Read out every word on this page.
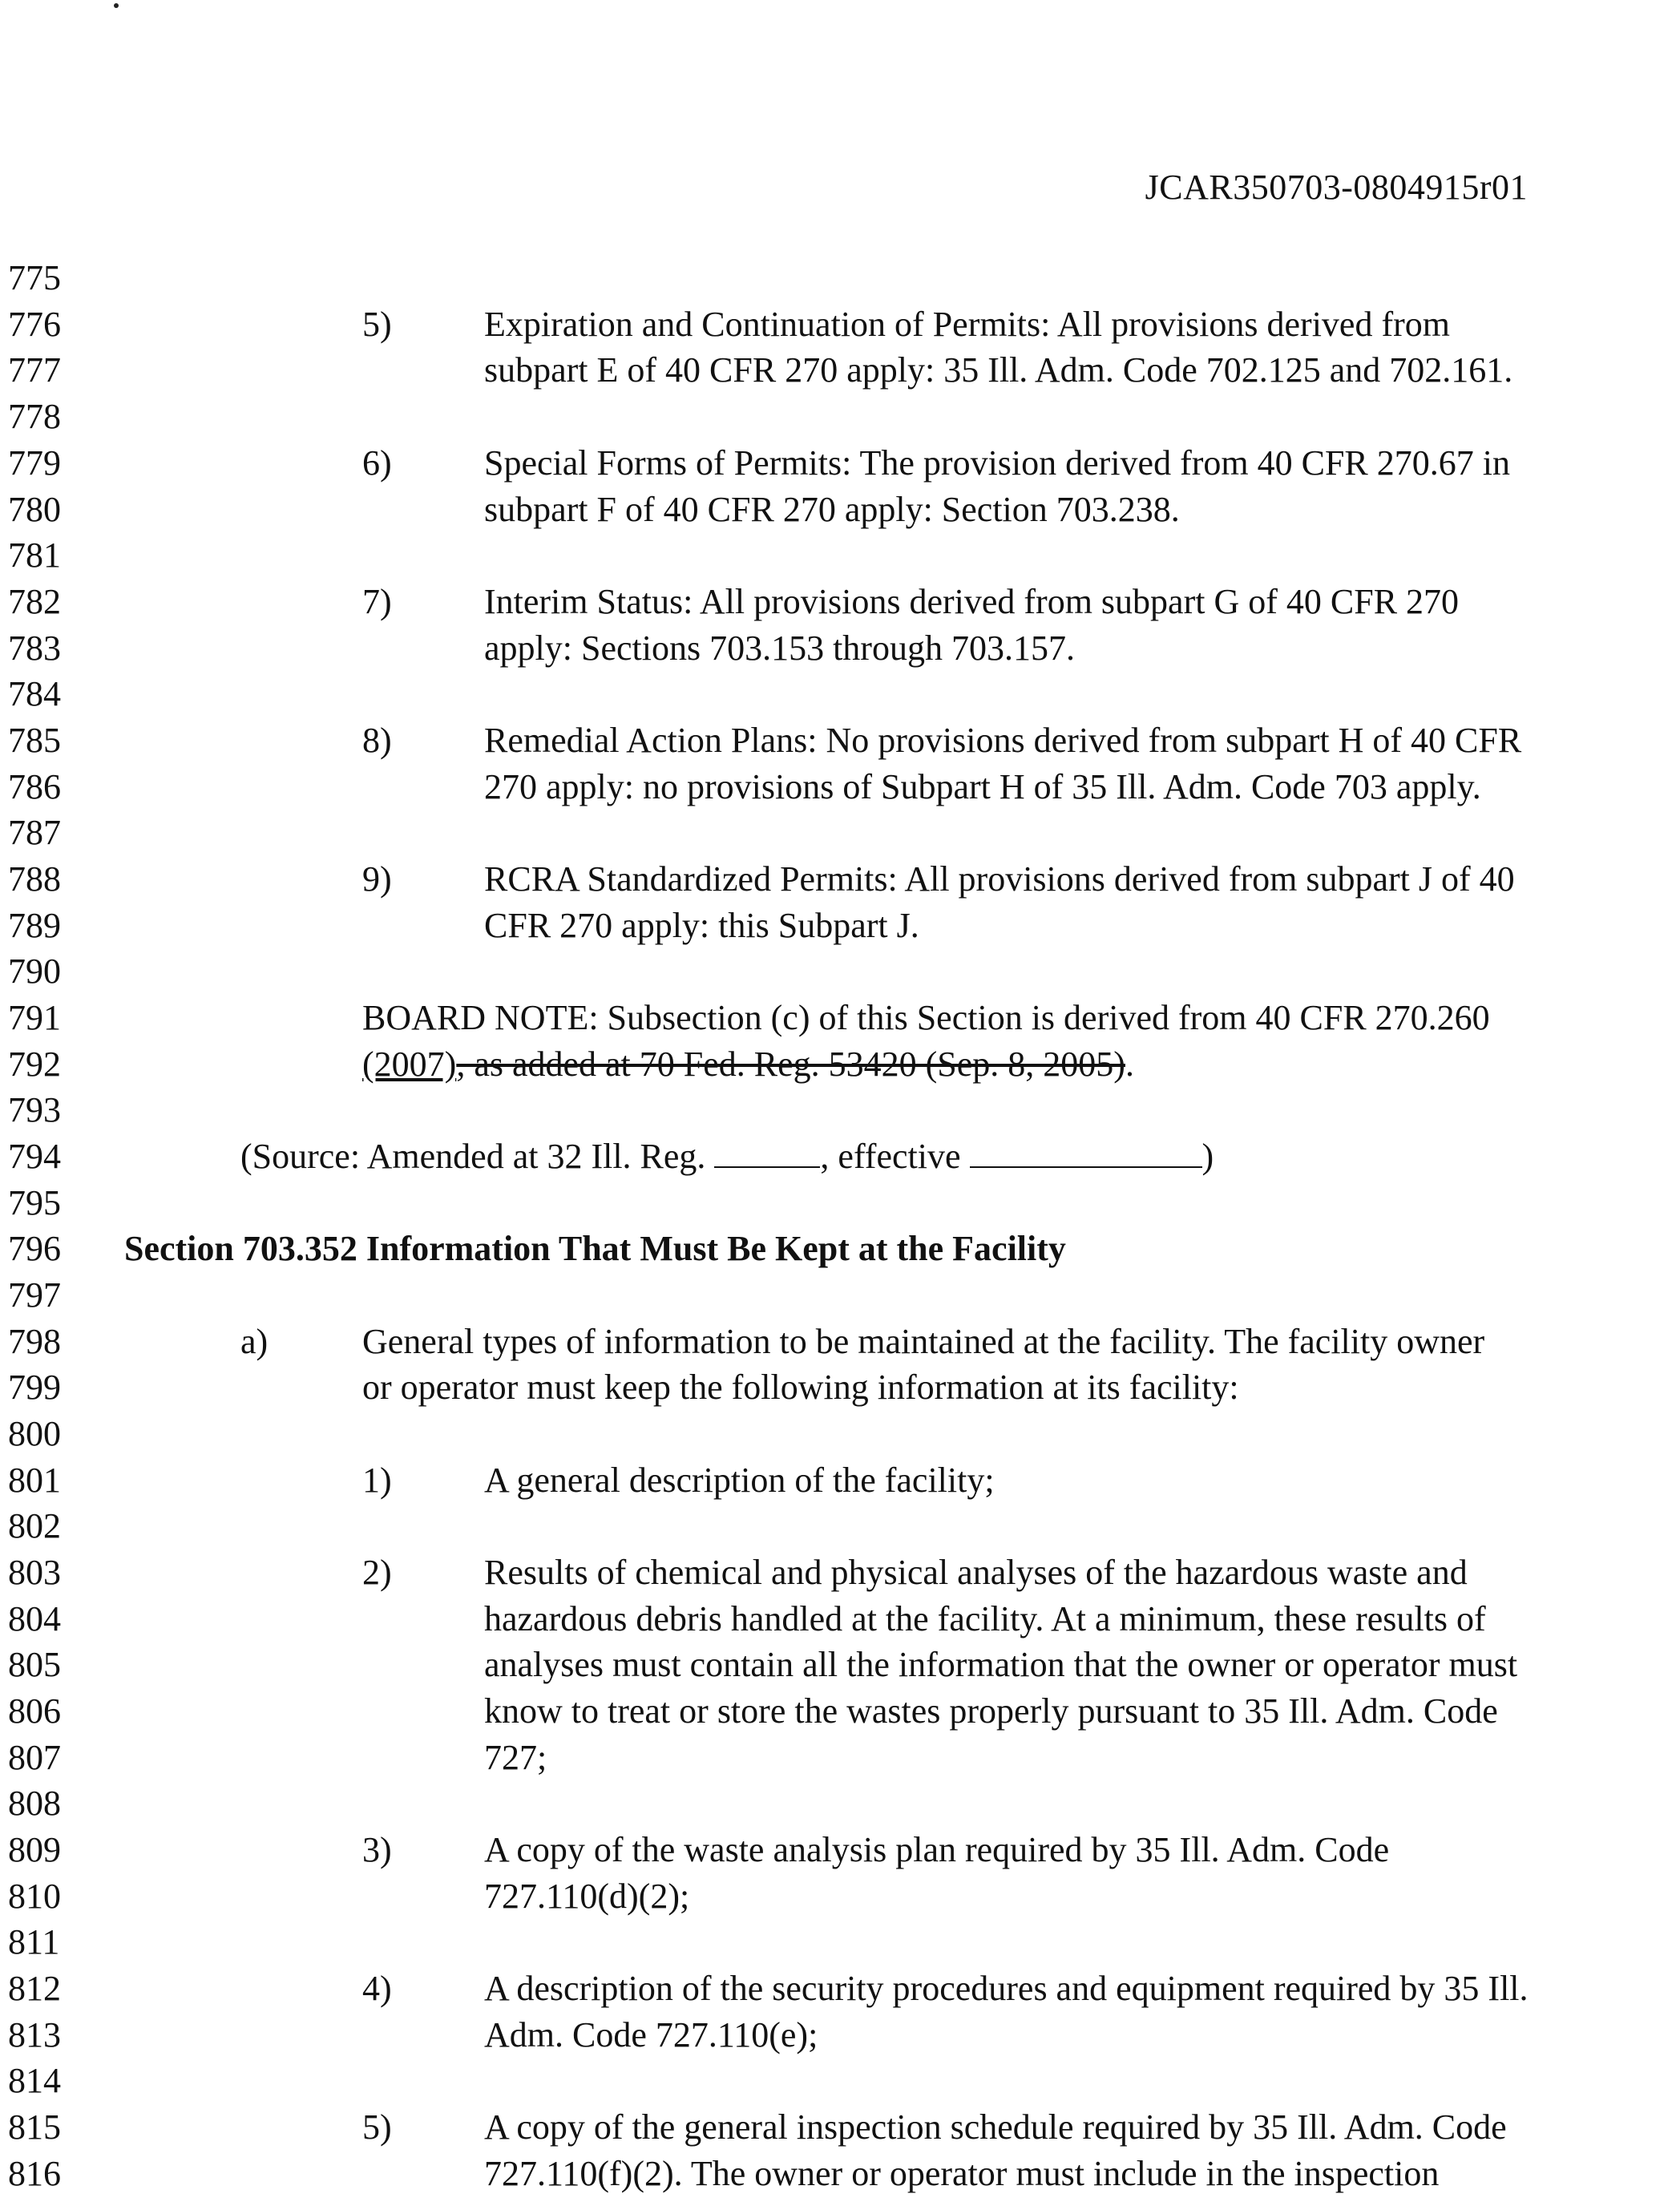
JCAR350703-0804915r01
775
776	5)	Expiration and Continuation of Permits: All provisions derived from
777	subpart E of 40 CFR 270 apply: 35 Ill. Adm. Code 702.125 and 702.161.
778
779	6)	Special Forms of Permits: The provision derived from 40 CFR 270.67 in
780	subpart F of 40 CFR 270 apply: Section 703.238.
781
782	7)	Interim Status: All provisions derived from subpart G of 40 CFR 270
783	apply: Sections 703.153 through 703.157.
784
785	8)	Remedial Action Plans: No provisions derived from subpart H of 40 CFR
786	270 apply: no provisions of Subpart H of 35 Ill. Adm. Code 703 apply.
787
788	9)	RCRA Standardized Permits: All provisions derived from subpart J of 40
789	CFR 270 apply: this Subpart J.
790
791	BOARD NOTE: Subsection (c) of this Section is derived from 40 CFR 270.260
792	(2007), as added at 70 Fed. Reg. 53420 (Sep. 8, 2005).
793
794	(Source: Amended at 32 Ill. Reg.	, effective	)
795
796	Section 703.352 Information That Must Be Kept at the Facility
797
798	a)	General types of information to be maintained at the facility. The facility owner
799	or operator must keep the following information at its facility:
800
801	1)	A general description of the facility;
802
803	2)	Results of chemical and physical analyses of the hazardous waste and
804	hazardous debris handled at the facility. At a minimum, these results of
805	analyses must contain all the information that the owner or operator must
806	know to treat or store the wastes properly pursuant to 35 Ill. Adm. Code
807	727;
808
809	3)	A copy of the waste analysis plan required by 35 Ill. Adm. Code
810	727.110(d)(2);
811
812	4)	A description of the security procedures and equipment required by 35 Ill.
813	Adm. Code 727.110(e);
814
815	5)	A copy of the general inspection schedule required by 35 Ill. Adm. Code
816	727.110(f)(2). The owner or operator must include in the inspection
